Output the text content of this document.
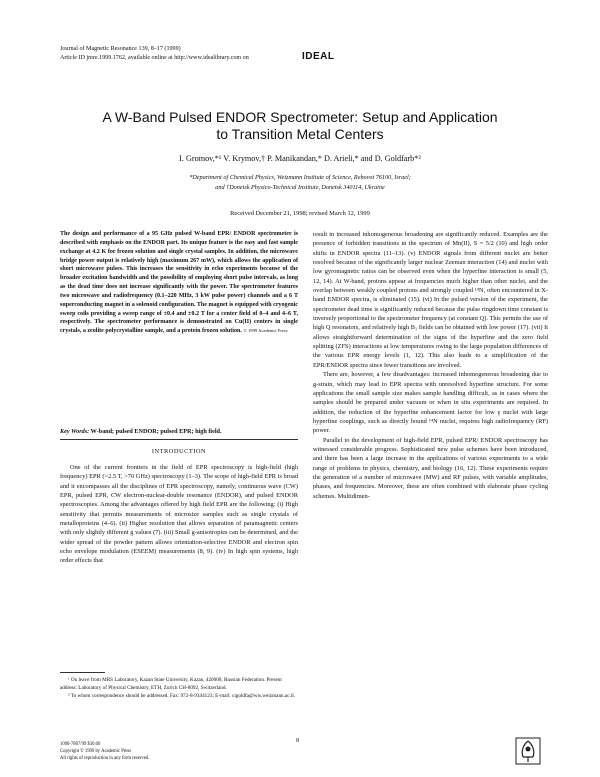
Journal of Magnetic Resonance 139, 8–17 (1999)
Article ID jmre.1999.1762, available online at http://www.idealibrary.com on	IDEAL
A W-Band Pulsed ENDOR Spectrometer: Setup and Application
to Transition Metal Centers
I. Gromov,*¹ V. Krymov,† P. Manikandan,* D. Arieli,* and D. Goldfarb*²
*Department of Chemical Physics, Weizmann Institute of Science, Rehovot 76100, Israel;
and †Donetsk Physico-Technical Institute, Donetsk 340114, Ukraine
Received December 21, 1998; revised March 12, 1999
The design and performance of a 95 GHz pulsed W-band EPR/ ENDOR spectrometer is described with emphasis on the ENDOR part. Its unique feature is the easy and fast sample exchange at 4.2 K for frozen solution and single crystal samples. In addition, the microwave bridge power output is relatively high (maximum 267 mW), which allows the application of short microwave pulses. This increases the sensitivity in echo experiments because of the broader excitation handwidth and the possibility of employing short pulse intervals, as long as the dead time does not increase significantly with the power. The spectrometer features two microwave and radiofrequency (0.1–220 MHz, 3 kW pulse power) channels and a 6 T superconducting magnet in a solenoid configuration. The magnet is equipped with cryogenic sweep coils providing a sweep range of ±0.4 and ±0.2 T for a center field of 0–4 and 4–6 T, respectively. The spectrometer performance is demonstrated on Cu(II) centers in single crystals, a zeolite polycrystalline sample, and a protein frozen solution. © 1999 Academic Press
Key Words: W-band; pulsed ENDOR; pulsed EPR; high field.
INTRODUCTION

One of the current frontiers in the field of EPR spectroscopy is high-field (high frequency) EPR (>2.5 T, >70 GHz) spectroscopy (1–3). The scope of high-field EPR is broad and it encompasses all the disciplines of EPR spectroscopy, namely, continuous wave (CW) EPR, pulsed EPR, CW electron-nuclear-double resonance (ENDOR), and pulsed ENDOR spectroscopies. Among the advantages offered by high field EPR are the following: (i) High sensitivity that permits measurements of microsize samples such as single crystals of metalloproteins (4–6). (ii) Higher resolution that allows separation of paramagnetic centers with only slightly different g values (7). (iii) Small g-anisotropies can be determined, and the wider spread of the powder pattern allows orientation-selective ENDOR and electron spin echo envelope modulation (ESEEM) measurements (8, 9). (iv) In high spin systems, high order effects that

¹ On leave from MRS Laboratory, Kazan State University, Kazan, 420008, Russian Federation. Present address: Laboratory of Physical Chemistry, ETH, Zurich CH-8092, Switzerland.

² To whom correspondence should be addressed. Fax: 972-8-9344123; E-mail: cigoldfa@wis.weizmann.ac.il.

result in increased inhomogeneous broadening are significantly reduced. Examples are the presence of forbidden transitions in the spectrum of Mn(II), S = 5/2 (10) and high order shifts in ENDOR spectra (11–13). (v) ENDOR signals from different nuclei are better resolved because of the significantly larger nuclear Zeeman interaction (14) and nuclei with low gyromagnetic ratios can be observed even when the hyperfine interaction is small (5, 12, 14). At W-band, protons appear at frequencies much higher than other nuclei, and the overlap between weakly coupled protons and strongly coupled ¹⁴N, often encountered in X-band ENDOR spectra, is eliminated (15). (vi) In the pulsed version of the experiment, the spectrometer dead time is significantly reduced because the pulse ringdown time constant is inversely proportional to the spectrometer frequency (at constant Q). This permits the use of high Q resonators, and relatively high B₁ fields can be obtained with low power (17). (vii) It allows straightforward determination of the signs of the hyperfine and the zero field splitting (ZFS) interactions at low temperatures owing to the large population differences of the various EPR energy levels (1, 12). This also leads to a simplification of the EPR/ENDOR spectra since fewer transitions are involved.

There are, however, a few disadvantages: increased inhomogeneous broadening due to g-strain, which may lead to EPR spectra with unresolved hyperfine structure. For some applications the small sample size makes sample handling difficult, as in cases where the samples should be prepared under vacuum or when in situ experiments are required. In addition, the reduction of the hyperfine enhancement factor for low γ nuclei with large hyperfine couplings, such as directly bound ¹⁴N nuclei, requires high radiofrequency (RF) power.

Parallel to the development of high-field EPR, pulsed EPR/ ENDOR spectroscopy has witnessed considerable progress. Sophisticated new pulse schemes have been introduced, and there has been a large increase in the applications of various experiments to a wide range of problems in physics, chemistry, and biology (16, 12). These experiments require the generation of a number of microwave (MW) and RF pulses, with variable amplitudes, phases, and frequencies. Moreover, these are often combined with elaborate phase cycling schemes. Multidimen-

8
1090-7807/99 $30.00
Copyright © 1999 by Academic Press
All rights of reproduction in any form reserved.
